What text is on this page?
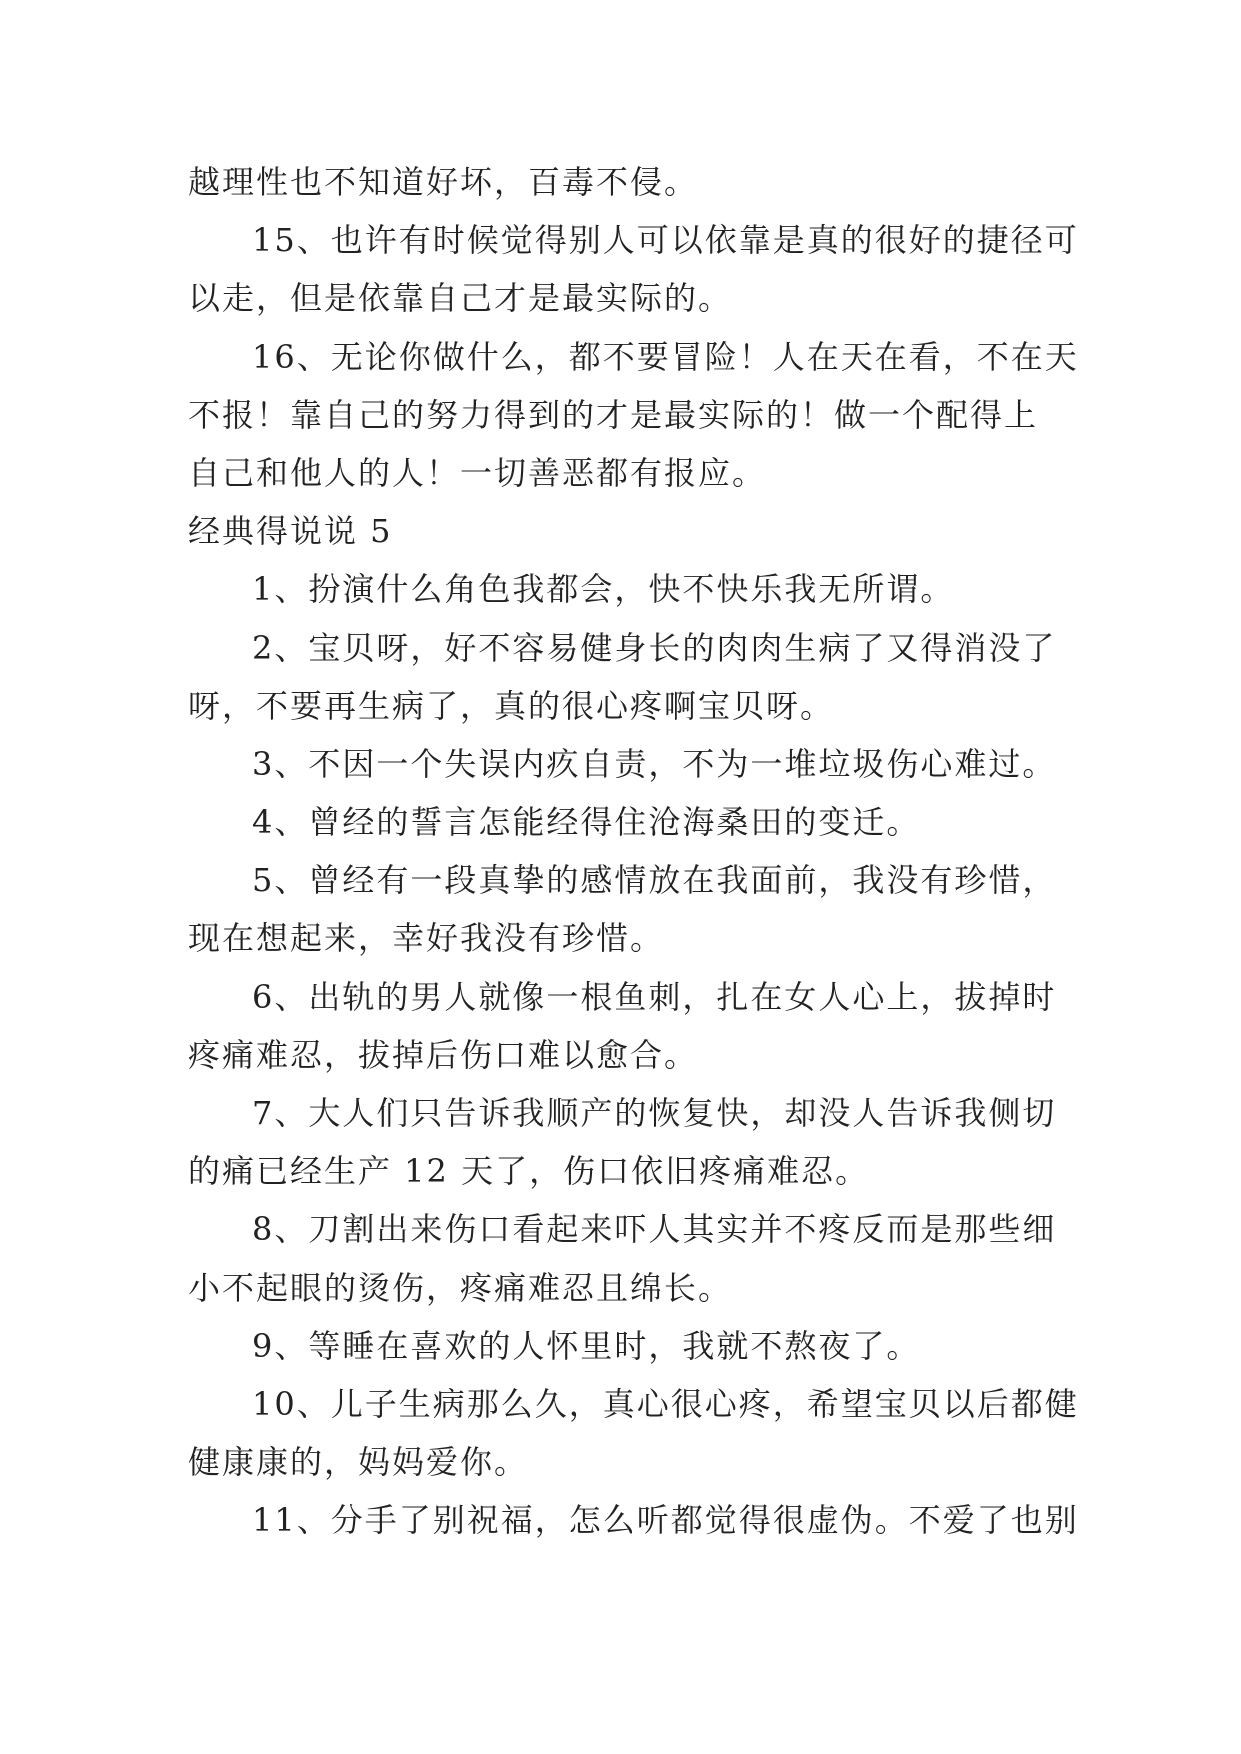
越理性也不知道好坏，百毒不侵。
15、也许有时候觉得别人可以依靠是真的很好的捷径可
以走，但是依靠自己才是最实际的。
16、无论你做什么，都不要冒险！人在天在看，不在天
不报！靠自己的努力得到的才是最实际的！做一个配得上
自己和他人的人！一切善恶都有报应。
经典得说说 5
1、扮演什么角色我都会，快不快乐我无所谓。
2、宝贝呀，好不容易健身长的肉肉生病了又得消没了
呀，不要再生病了，真的很心疼啊宝贝呀。
3、不因一个失误内疚自责，不为一堆垃圾伤心难过。
4、曾经的誓言怎能经得住沧海桑田的变迁。
5、曾经有一段真挚的感情放在我面前，我没有珍惜，
现在想起来，幸好我没有珍惜。
6、出轨的男人就像一根鱼刺，扎在女人心上，拔掉时
疼痛难忍，拔掉后伤口难以愈合。
7、大人们只告诉我顺产的恢复快，却没人告诉我侧切
的痛已经生产 12 天了，伤口依旧疼痛难忍。
8、刀割出来伤口看起来吓人其实并不疼反而是那些细
小不起眼的烫伤，疼痛难忍且绵长。
9、等睡在喜欢的人怀里时，我就不熬夜了。
10、儿子生病那么久，真心很心疼，希望宝贝以后都健
健康康的，妈妈爱你。
11、分手了别祝福，怎么听都觉得很虚伪。不爱了也别
